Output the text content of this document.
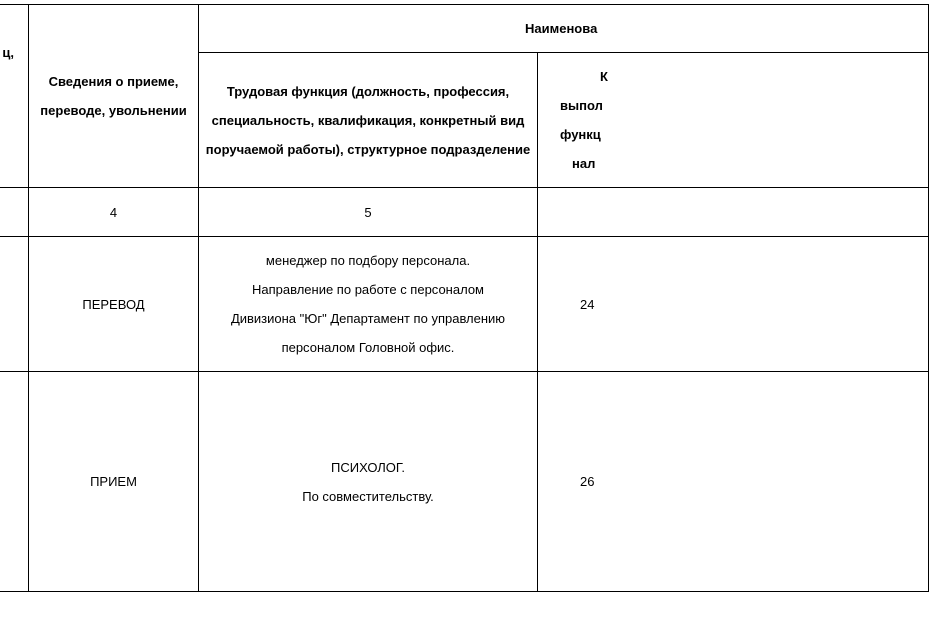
ц,	Сведения о приеме, переводе, увольнении	Наименова	

		Трудовая функция (должность, профессия, специальность, квалификация, конкретный вид поручаемой работы), структурное подразделение	К
выпол
функц
нал

	4	5	
	ПЕРЕВОД	менеджер по подбору персонала.
Направление по работе с персоналом
Дивизиона "Юг" Департамент по управлению
персоналом Головной офис.	24
	ПРИЕМ	ПСИХОЛОГ.
По совместительству.	26
